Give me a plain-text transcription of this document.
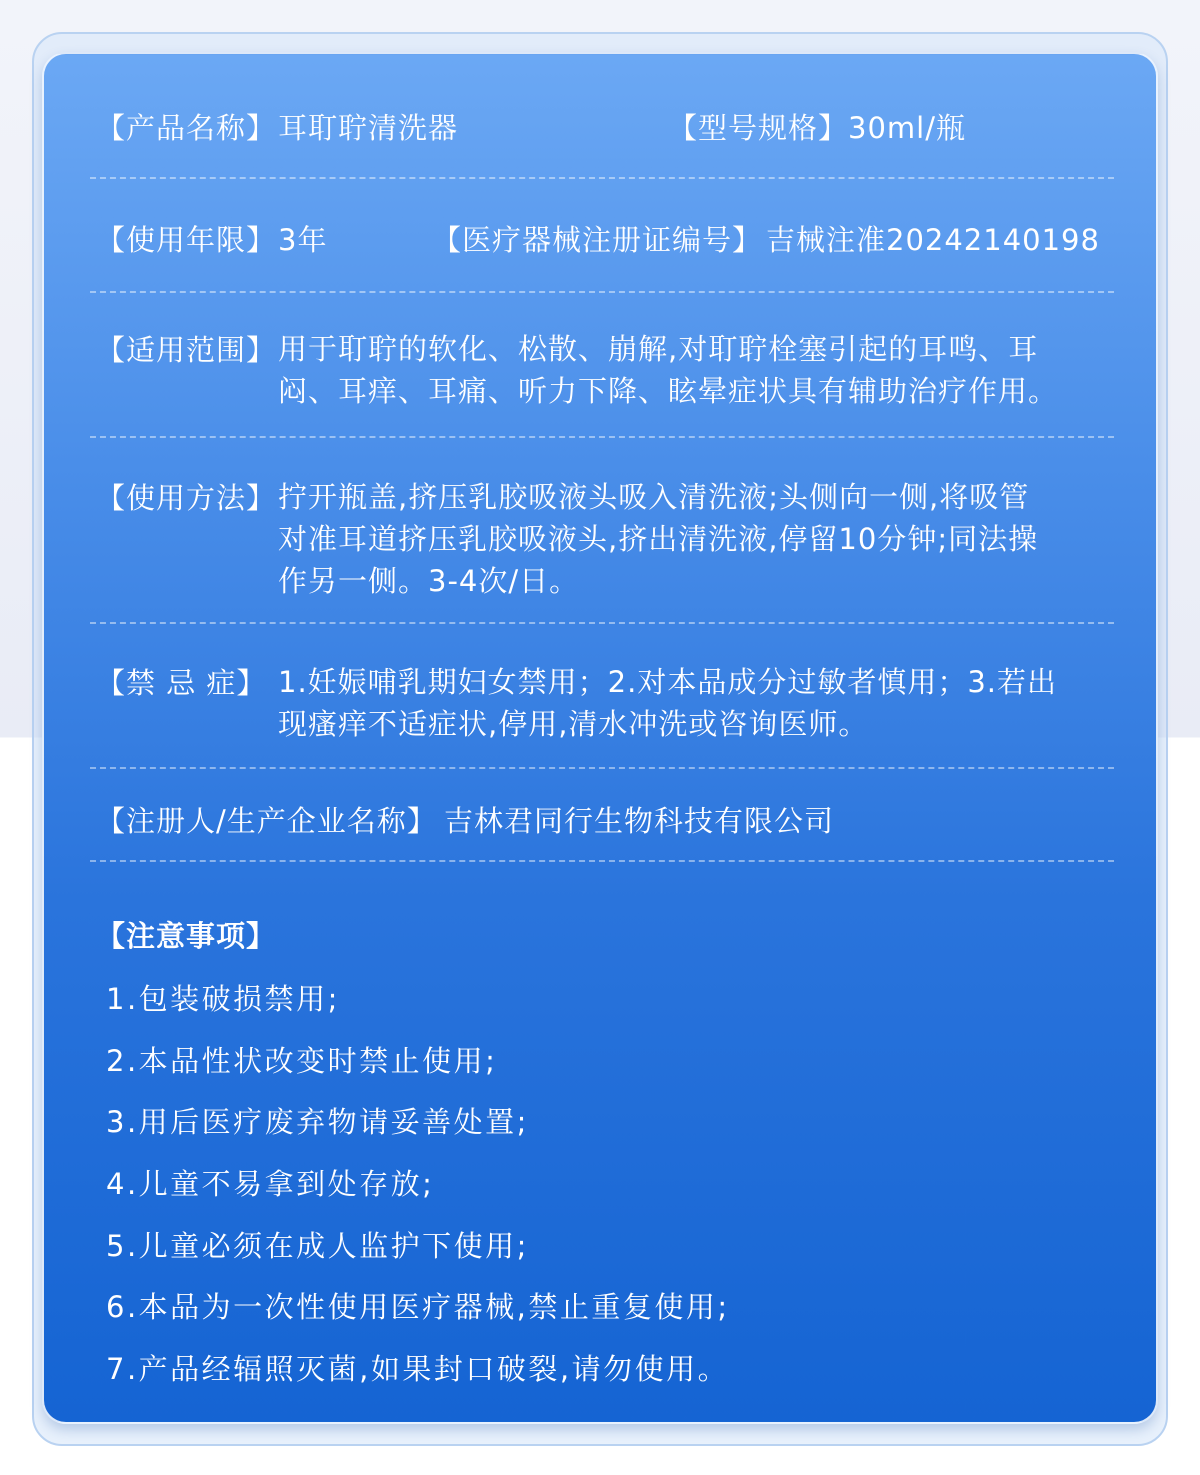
【产品名称】 耳耵聍清洗器	【型号规格】 30ml/瓶
【使用年限】 3年	【医疗器械注册证编号】 吉械注准20242140198
【适用范围】 用于耵聍的软化、松散、崩解,对耵聍栓塞引起的耳鸣、耳
闷、耳痒、耳痛、听力下降、眩晕症状具有辅助治疗作用。
【使用方法】 拧开瓶盖,挤压乳胶吸液头吸入清洗液;头侧向一侧,将吸管
对准耳道挤压乳胶吸液头,挤出清洗液,停留10分钟;同法操
作另一侧。3-4次/日。
【禁 忌 症】 1.妊娠哺乳期妇女禁用；2.对本品成分过敏者慎用；3.若出
现瘙痒不适症状,停用,清水冲洗或咨询医师。
【注册人/生产企业名称】 吉林君同行生物科技有限公司
【注意事项】
1.包装破损禁用;
2.本品性状改变时禁止使用;
3.用后医疗废弃物请妥善处置;
4.儿童不易拿到处存放;
5.儿童必须在成人监护下使用;
6.本品为一次性使用医疗器械,禁止重复使用;
7.产品经辐照灭菌,如果封口破裂,请勿使用。
